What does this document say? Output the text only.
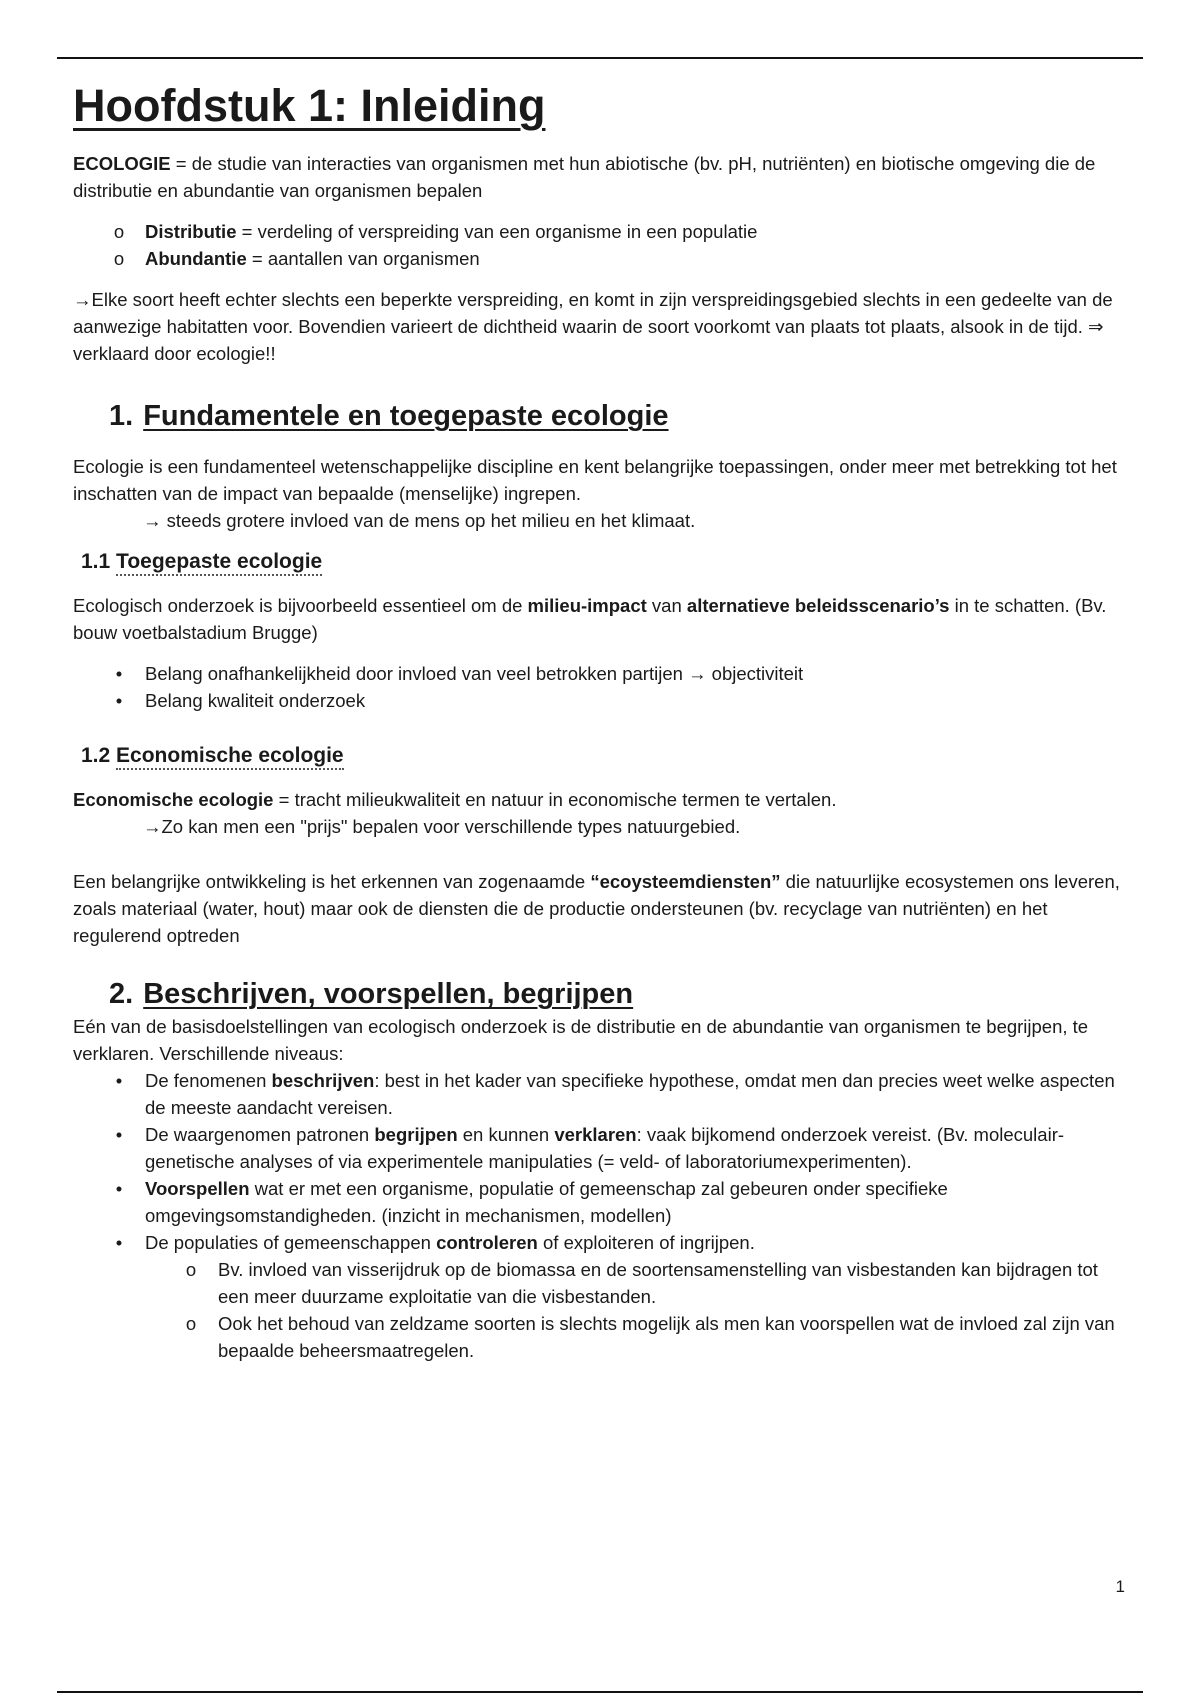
Hoofdstuk 1: Inleiding

ECOLOGIE = de studie van interacties van organismen met hun abiotische (bv. pH, nutriënten) en biotische omgeving die de distributie en abundantie van organismen bepalen

o Distributie = verdeling of verspreiding van een organisme in een populatie
o Abundantie = aantallen van organismen

→Elke soort heeft echter slechts een beperkte verspreiding, en komt in zijn verspreidingsgebied slechts in een gedeelte van de aanwezige habitatten voor. Bovendien varieert de dichtheid waarin de soort voorkomt van plaats tot plaats, alsook in de tijd. ⇒ verklaard door ecologie!!

1. Fundamentele en toegepaste ecologie

Ecologie is een fundamenteel wetenschappelijke discipline en kent belangrijke toepassingen, onder meer met betrekking tot het inschatten van de impact van bepaalde (menselijke) ingrepen.

→ steeds grotere invloed van de mens op het milieu en het klimaat.

1.1 Toegepaste ecologie

Ecologisch onderzoek is bijvoorbeeld essentieel om de milieu-impact van alternatieve beleidsscenario’s in te schatten. (Bv. bouw voetbalstadium Brugge)

•	Belang onafhankelijkheid door invloed van veel betrokken partijen → objectiviteit
•	Belang kwaliteit onderzoek
1.2 Economische ecologie

Economische ecologie = tracht milieukwaliteit en natuur in economische termen te vertalen.

→Zo kan men een "prijs" bepalen voor verschillende types natuurgebied.

Een belangrijke ontwikkeling is het erkennen van zogenaamde “ecoysteemdiensten” die natuurlijke ecosystemen ons leveren, zoals materiaal (water, hout) maar ook de diensten die de productie ondersteunen (bv. recyclage van nutriënten) en het regulerend optreden

2. Beschrijven, voorspellen, begrijpen

Eén van de basisdoelstellingen van ecologisch onderzoek is de distributie en de abundantie van organismen te begrijpen, te verklaren. Verschillende niveaus:

•	De fenomenen beschrijven: best in het kader van specifieke hypothese, omdat men dan precies weet welke aspecten de meeste aandacht vereisen.
•	De waargenomen patronen begrijpen en kunnen verklaren: vaak bijkomend onderzoek vereist. (Bv. moleculair-genetische analyses of via experimentele manipulaties (= veld- of laboratoriumexperimenten).
•	Voorspellen wat er met een organisme, populatie of gemeenschap zal gebeuren onder specifieke omgevingsomstandigheden. (inzicht in mechanismen, modellen)
•	De populaties of gemeenschappen controleren of exploiteren of ingrijpen.
o Bv. invloed van visserijdruk op de biomassa en de soortensamenstelling van visbestanden kan bijdragen tot een meer duurzame exploitatie van die visbestanden.
o Ook het behoud van zeldzame soorten is slechts mogelijk als men kan voorspellen wat de invloed zal zijn van bepaalde beheersmaatregelen.
1
